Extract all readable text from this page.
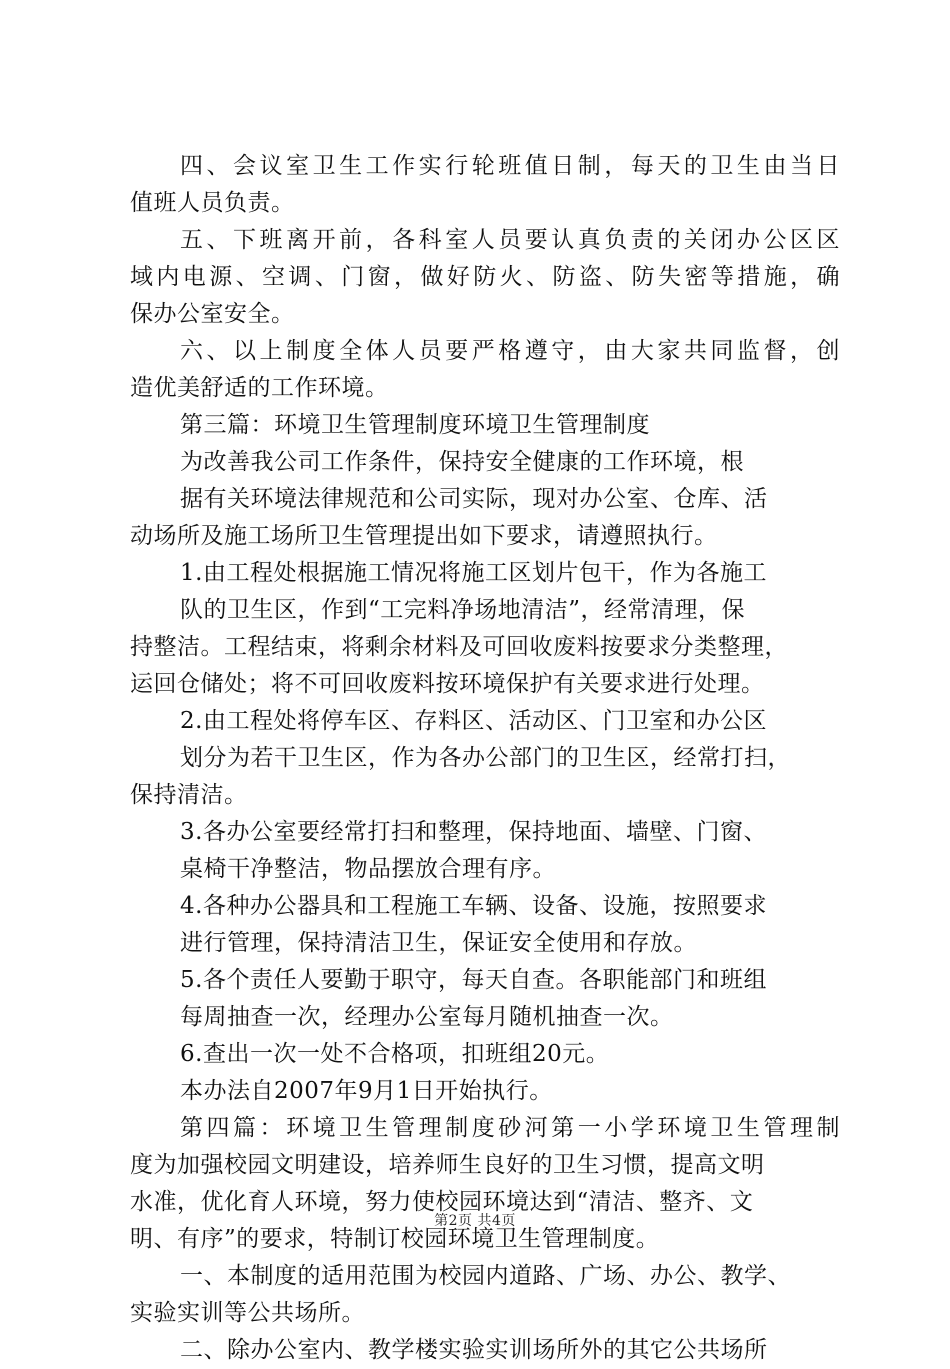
四、会议室卫生工作实行轮班值日制，每天的卫生由当日
值班人员负责。
五、下班离开前，各科室人员要认真负责的关闭办公区区
域内电源、空调、门窗，做好防火、防盗、防失密等措施，确
保办公室安全。
六、以上制度全体人员要严格遵守，由大家共同监督，创
造优美舒适的工作环境。
第三篇：环境卫生管理制度环境卫生管理制度
为改善我公司工作条件，保持安全健康的工作环境，根
据有关环境法律规范和公司实际，现对办公室、仓库、活
动场所及施工场所卫生管理提出如下要求，请遵照执行。
1.由工程处根据施工情况将施工区划片包干，作为各施工
队的卫生区，作到“工完料净场地清洁”，经常清理，保
持整洁。工程结束，将剩余材料及可回收废料按要求分类整理，
运回仓储处；将不可回收废料按环境保护有关要求进行处理。
2.由工程处将停车区、存料区、活动区、门卫室和办公区
划分为若干卫生区，作为各办公部门的卫生区，经常打扫，
保持清洁。
3.各办公室要经常打扫和整理，保持地面、墙壁、门窗、
桌椅干净整洁，物品摆放合理有序。
4.各种办公器具和工程施工车辆、设备、设施，按照要求
进行管理，保持清洁卫生，保证安全使用和存放。
5.各个责任人要勤于职守，每天自查。各职能部门和班组
每周抽查一次，经理办公室每月随机抽查一次。
6.查出一次一处不合格项，扣班组20元。
本办法自2007年9月1日开始执行。
第四篇：环境卫生管理制度砂河第一小学环境卫生管理制
度为加强校园文明建设，培养师生良好的卫生习惯，提高文明
水准，优化育人环境，努力使校园环境达到“清洁、整齐、文
明、有序”的要求，特制订校园环境卫生管理制度。
一、本制度的适用范围为校园内道路、广场、办公、教学、
实验实训等公共场所。
二、除办公室内、教学楼实验实训场所外的其它公共场所
第2页 共4页
